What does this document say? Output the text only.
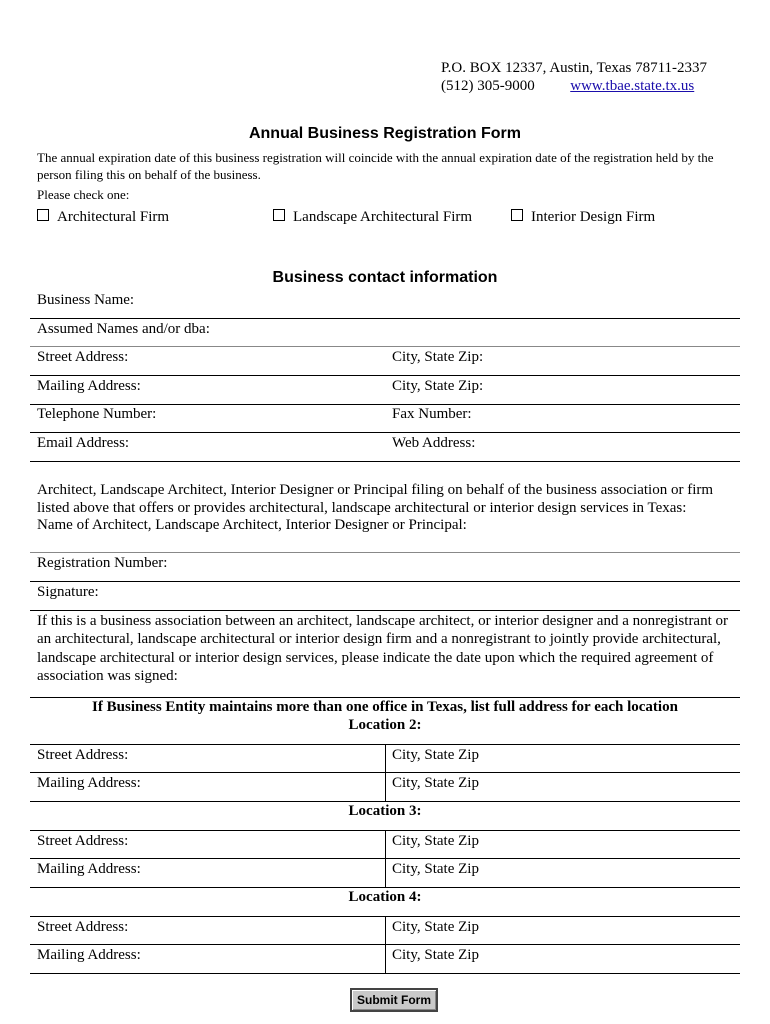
P.O. BOX 12337, Austin, Texas 78711-2337
(512) 305-9000 www.tbae.state.tx.us
Annual Business Registration Form
The annual expiration date of this business registration will coincide with the annual expiration date of the registration held by the person filing this on behalf of the business.
Please check one:
Architectural Firm	Landscape Architectural Firm	Interior Design Firm
Business contact information
Business Name:
Assumed Names and/or dba:
Street Address:	City, State Zip:
Mailing Address:	City, State Zip:
Telephone Number:	Fax Number:
Email Address:	Web Address:
Architect, Landscape Architect, Interior Designer or Principal filing on behalf of the business association or firm listed above that offers or provides architectural, landscape architectural or interior design services in Texas:
Name of Architect, Landscape Architect, Interior Designer or Principal:
Registration Number:
Signature:
If this is a business association between an architect, landscape architect, or interior designer and a nonregistrant or an architectural, landscape architectural or interior design firm and a nonregistrant to jointly provide architectural, landscape architectural or interior design services, please indicate the date upon which the required agreement of association was signed:
If Business Entity maintains more than one office in Texas, list full address for each location
Location 2:
Street Address:	City, State Zip
Mailing Address:	City, State Zip
Location 3:
Street Address:	City, State Zip
Mailing Address:	City, State Zip
Location 4:
Street Address:	City, State Zip
Mailing Address:	City, State Zip
Submit Form
